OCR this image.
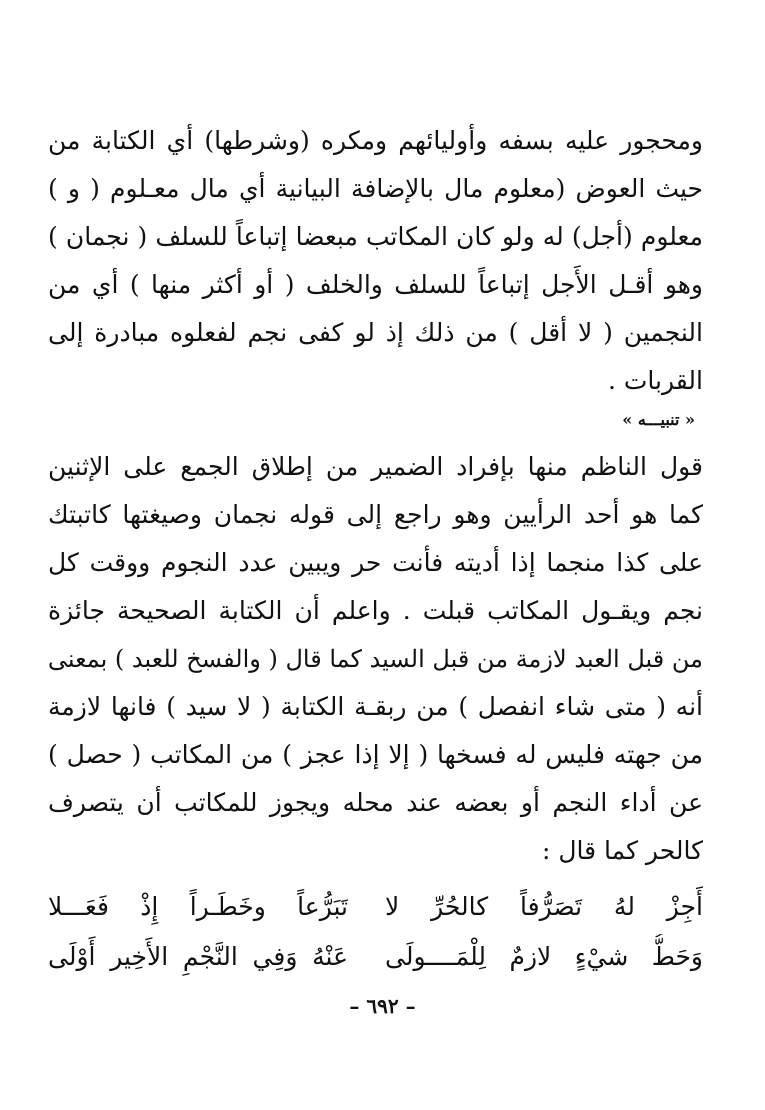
ومحجور عليه بسفه وأوليائهم ومكره (وشرطها) أي الكتابة من
حيث العوض (معلوم مال بالإضافة البيانية أي مال معـلوم ( و )
معلوم (أجل) له ولو كان المكاتب مبعضا إتباعاً للسلف ( نجمان )
وهو أقـل الأَجل إتباعاً للسلف والخلف ( أو أكثر منها ) أي من
النجمين ( لا أقل ) من ذلك إذ لو كفى نجم لفعلوه مبادرة إلى
القربات .
« تنبيـــه »
قول الناظم منها بإفراد الضمير من إطلاق الجمع على الإثنين
كما هو أحد الرأيين وهو راجع إلى قوله نجمان وصيغتها كاتبتك
على كذا منجما إذا أديته فأنت حر ويبين عدد النجوم ووقت كل
نجم ويقـول المكاتب قبلت . واعلم أن الكتابة الصحيحة جائزة
من قبل العبد لازمة من قبل السيد كما قال ( والفسخ للعبد ) بمعنى
أنه ( متى شاء انفصل ) من ربقـة الكتابة ( لا سيد ) فانها لازمة
من جهته فليس له فسخها ( إلا إذا عجز ) من المكاتب ( حصل )
عن أداء النجم أو بعضه عند محله ويجوز للمكاتب أن يتصرف
كالحر كما قال :
أَجِزْ لهُ تَصَرُّفاً كالحُرِّ لا
تَبَرُّعاً وخَطَـراً إِذْ فَعَـــلا
وَحَطُّ شيْءٍ لازمٌ لِلْمَــــولَى
عَنْهُ وَفِي النَّجْمِ الأَخِير أَوْلَى
– ٦٩٢ –
